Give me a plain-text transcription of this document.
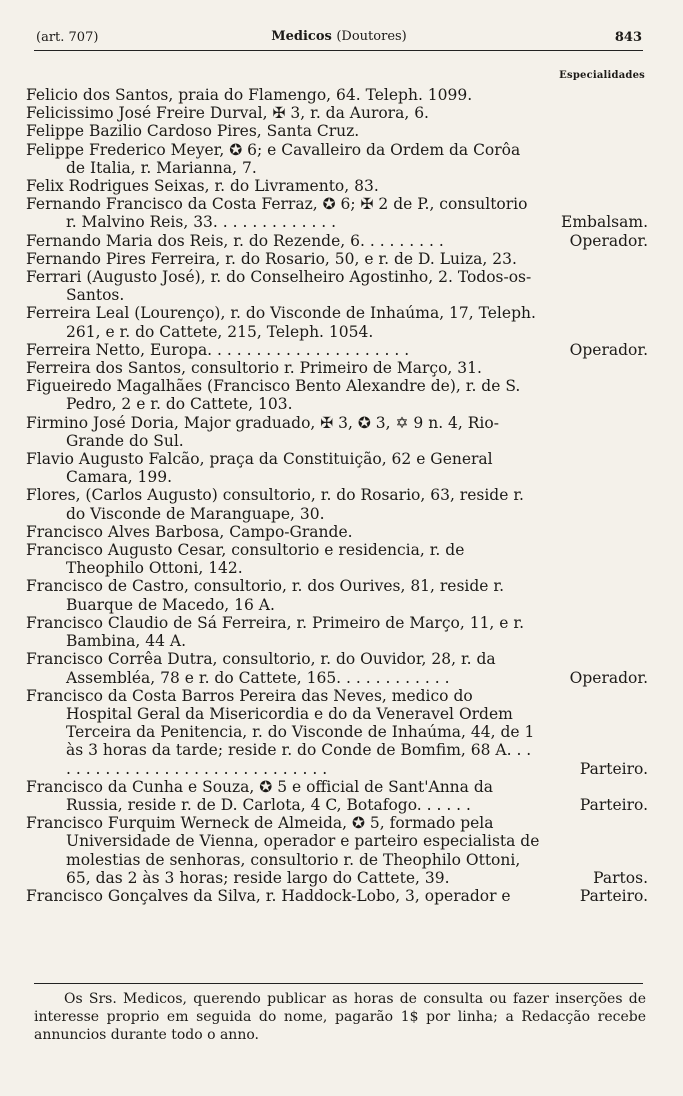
(art. 707)	Medicos (Doutores)	843
Especialidades
Felicio dos Santos, praia do Flamengo, 64. Teleph. 1099.
Felicissimo José Freire Durval, ✠ 3, r. da Aurora, 6.
Felippe Bazilio Cardoso Pires, Santa Cruz.
Felippe Frederico Meyer, ✪ 6; e Cavalleiro da Ordem da Corôa de Italia, r. Marianna, 7.
Felix Rodrigues Seixas, r. do Livramento, 83.
Fernando Francisco da Costa Ferraz, ✪ 6; ✠ 2 de P., consultorio r. Malvino Reis, 33. . . . . . . . . . . . .	Embalsam.
Fernando Maria dos Reis, r. do Rezende, 6. . . . . . . . .	Operador.
Fernando Pires Ferreira, r. do Rosario, 50, e r. de D. Luiza, 23.
Ferrari (Augusto José), r. do Conselheiro Agostinho, 2. Todos-os-Santos.
Ferreira Leal (Lourenço), r. do Visconde de Inhaúma, 17, Teleph. 261, e r. do Cattete, 215, Teleph. 1054.
Ferreira Netto, Europa. . . . . . . . . . . . . . . . . . . . .	Operador.
Ferreira dos Santos, consultorio r. Primeiro de Março, 31.
Figueiredo Magalhães (Francisco Bento Alexandre de), r. de S. Pedro, 2 e r. do Cattete, 103.
Firmino José Doria, Major graduado, ✠ 3, ✪ 3, ✡ 9 n. 4, Rio-Grande do Sul.
Flavio Augusto Falcão, praça da Constituição, 62 e General Camara, 199.
Flores, (Carlos Augusto) consultorio, r. do Rosario, 63, reside r. do Visconde de Maranguape, 30.
Francisco Alves Barbosa, Campo-Grande.
Francisco Augusto Cesar, consultorio e residencia, r. de Theophilo Ottoni, 142.
Francisco de Castro, consultorio, r. dos Ourives, 81, reside r. Buarque de Macedo, 16 A.
Francisco Claudio de Sá Ferreira, r. Primeiro de Março, 11, e r. Bambina, 44 A.
Francisco Corrêa Dutra, consultorio, r. do Ouvidor, 28, r. da Assembléa, 78 e r. do Cattete, 165. . . . . . . . . . . .	Operador.
Francisco da Costa Barros Pereira das Neves, medico do Hospital Geral da Misericordia e do da Veneravel Ordem Terceira da Penitencia, r. do Visconde de Inhaúma, 44, de 1 às 3 horas da tarde; reside r. do Conde de Bomfim, 68 A. . . . . . . . . . . . . . . . . . . . . . . . . . . . . .	Parteiro.
Francisco da Cunha e Souza, ✪ 5 e official de Sant'Anna da Russia, reside r. de D. Carlota, 4 C, Botafogo. . . . . .	Parteiro.
Francisco Furquim Werneck de Almeida, ✪ 5, formado pela Universidade de Vienna, operador e parteiro especialista de molestias de senhoras, consultorio r. de Theophilo Ottoni, 65, das 2 às 3 horas; reside largo do Cattete, 39.	Partos.
Francisco Gonçalves da Silva, r. Haddock-Lobo, 3, operador e	Parteiro.
Os Srs. Medicos, querendo publicar as horas de consulta ou fazer inserções de interesse proprio em seguida do nome, pagarão 1$ por linha; a Redacção recebe annuncios durante todo o anno.
